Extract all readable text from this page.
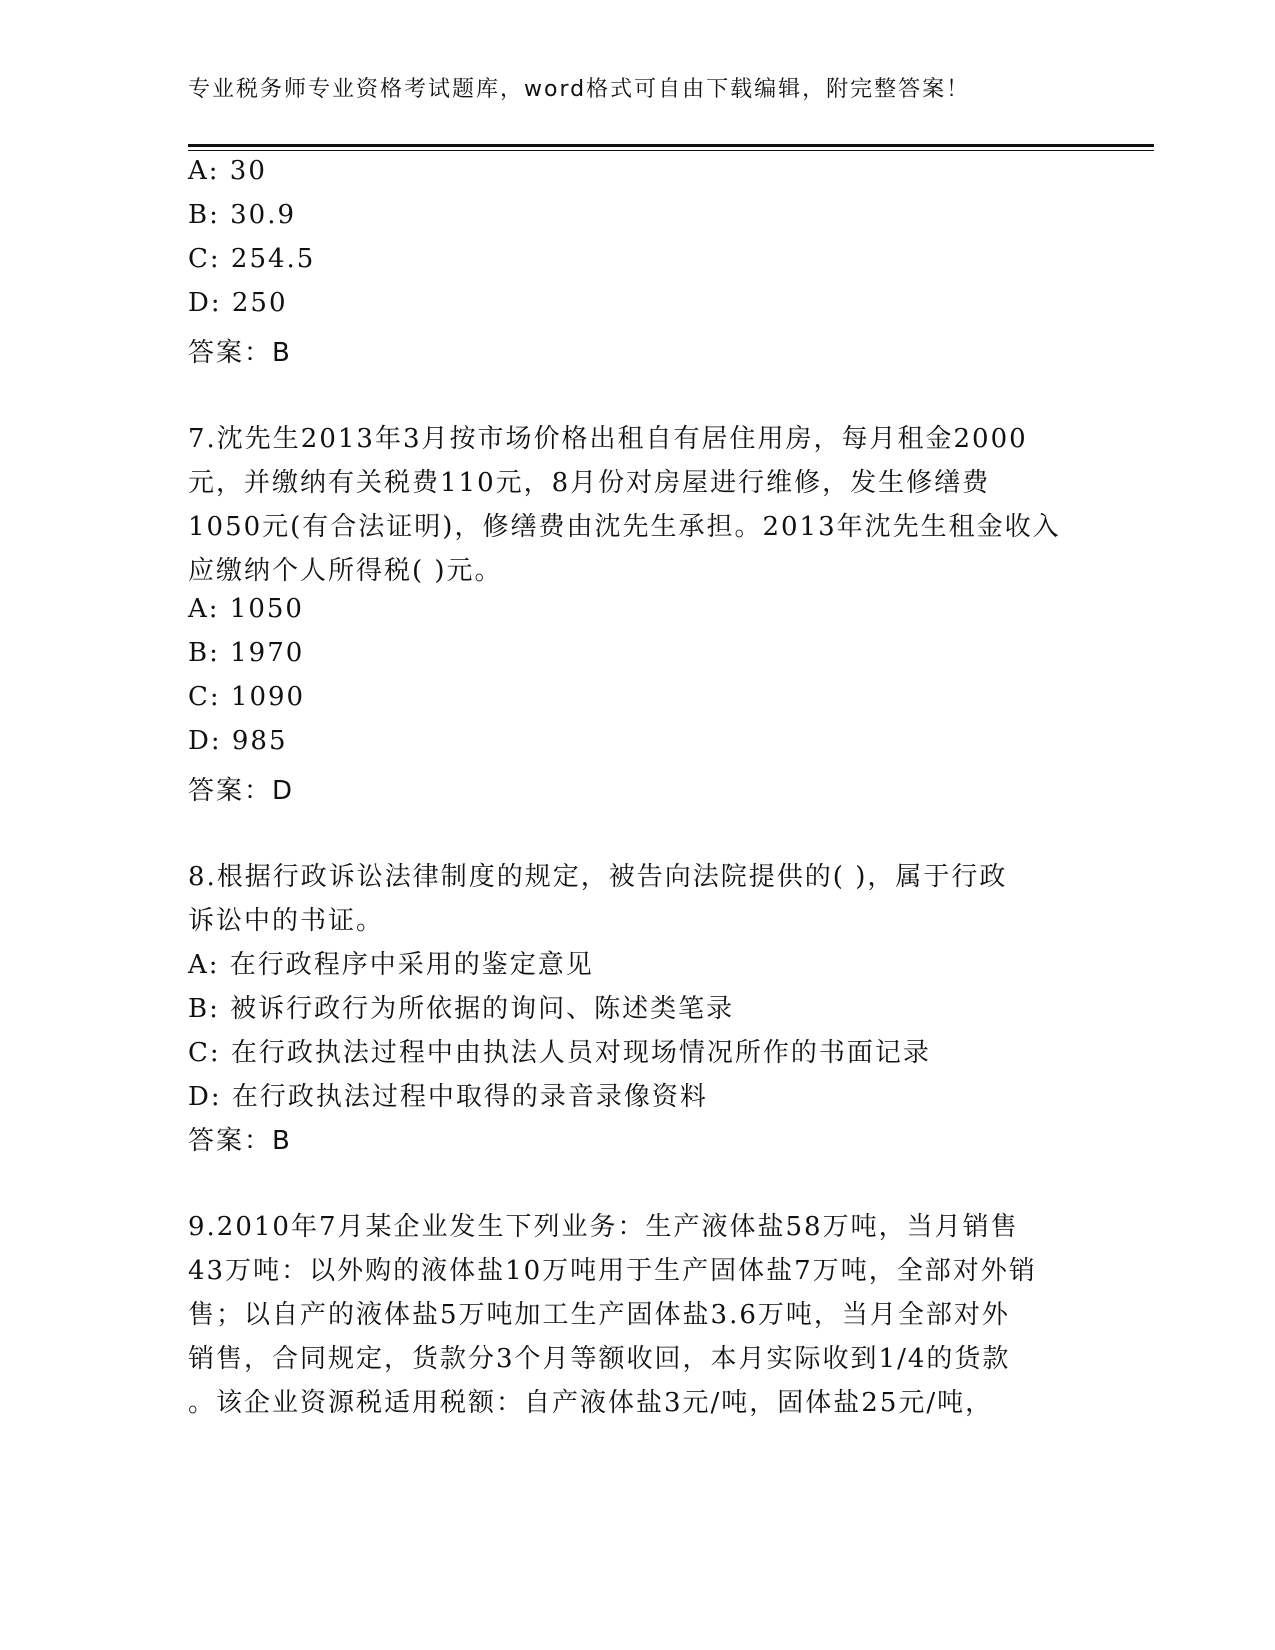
专业税务师专业资格考试题库，word格式可自由下载编辑，附完整答案！
A: 30
B: 30.9
C: 254.5
D: 250
答案：B
7.沈先生2013年3月按市场价格出租自有居住用房，每月租金2000
元，并缴纳有关税费110元，8月份对房屋进行维修，发生修缮费
1050元(有合法证明)，修缮费由沈先生承担。2013年沈先生租金收入
应缴纳个人所得税( )元。
A: 1050
B: 1970
C: 1090
D: 985
答案：D
8.根据行政诉讼法律制度的规定，被告向法院提供的( )，属于行政
诉讼中的书证。
A: 在行政程序中采用的鉴定意见
B: 被诉行政行为所依据的询问、陈述类笔录
C: 在行政执法过程中由执法人员对现场情况所作的书面记录
D: 在行政执法过程中取得的录音录像资料
答案：B
9.2010年7月某企业发生下列业务：生产液体盐58万吨，当月销售
43万吨：以外购的液体盐10万吨用于生产固体盐7万吨，全部对外销
售；以自产的液体盐5万吨加工生产固体盐3.6万吨，当月全部对外
销售，合同规定，货款分3个月等额收回，本月实际收到1/4的货款
。该企业资源税适用税额：自产液体盐3元/吨，固体盐25元/吨，
